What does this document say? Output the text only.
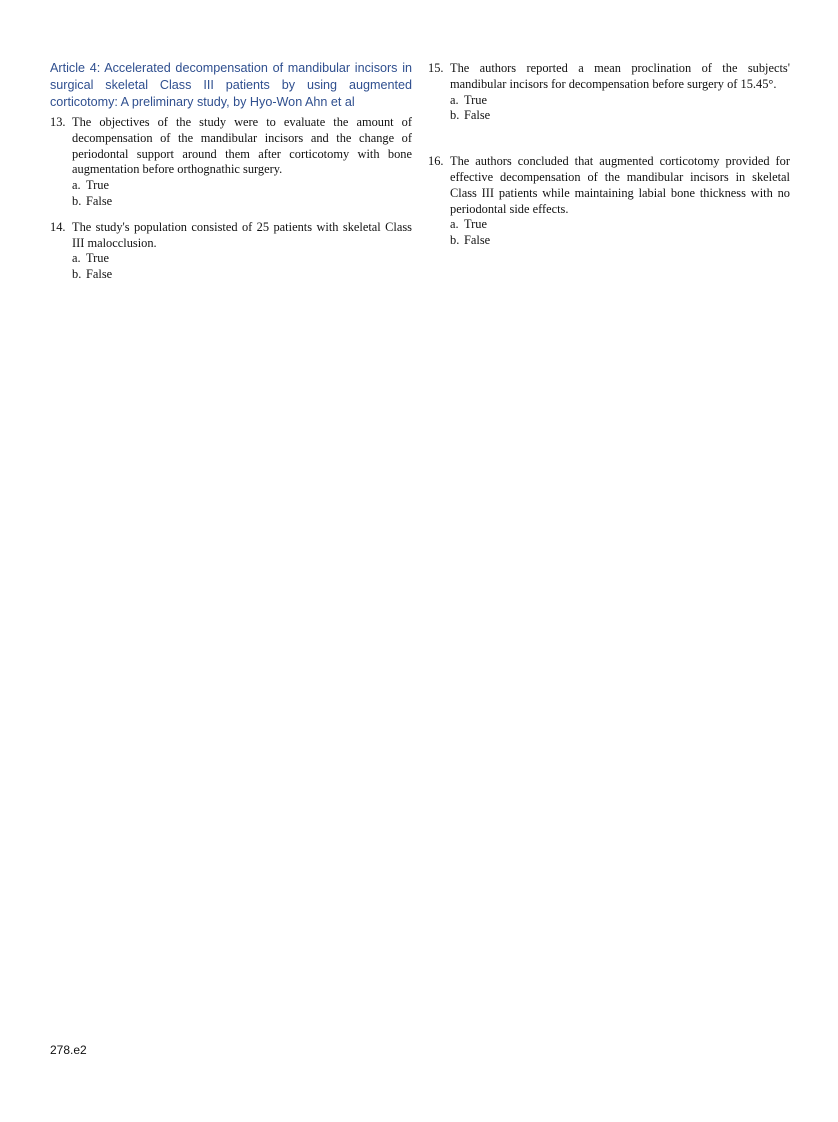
Article 4: Accelerated decompensation of mandibular incisors in surgical skeletal Class III patients by using augmented corticotomy: A preliminary study, by Hyo-Won Ahn et al

13. The objectives of the study were to evaluate the amount of decompensation of the mandibular incisors and the change of periodontal support around them after corticotomy with bone augmentation before orthognathic surgery.
a. True
b. False
14. The study's population consisted of 25 patients with skeletal Class III malocclusion.
a. True
b. False
15. The authors reported a mean proclination of the subjects' mandibular incisors for decompensation before surgery of 15.45°.
a. True
b. False
16. The authors concluded that augmented corticotomy provided for effective decompensation of the mandibular incisors in skeletal Class III patients while maintaining labial bone thickness with no periodontal side effects.
a. True
b. False
278.e2
